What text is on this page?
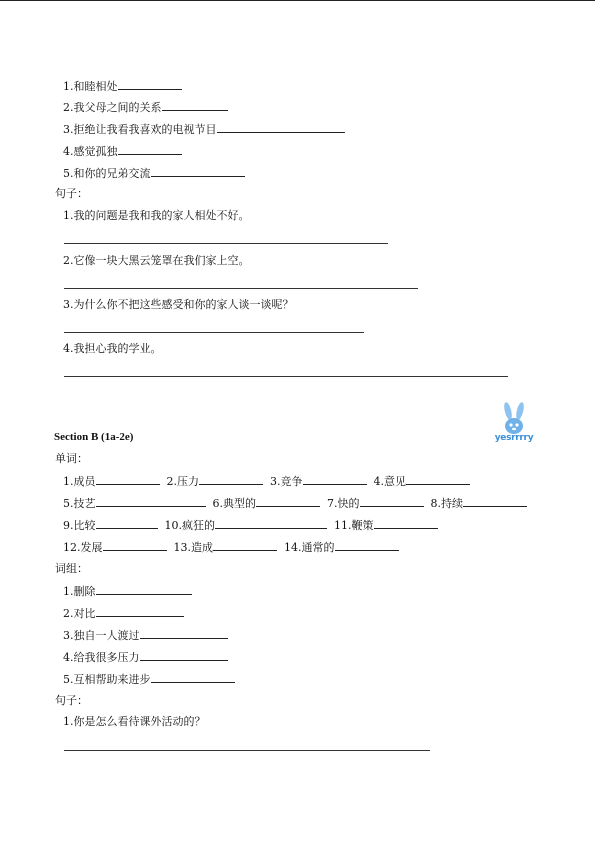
1.和睦相处
2.我父母之间的关系
3.拒绝让我看我喜欢的电视节目
4.感觉孤独
5.和你的兄弟交流
句子：
1.我的问题是我和我的家人相处不好。
2.它像一块大黑云笼罩在我们家上空。
3.为什么你不把这些感受和你的家人谈一谈呢？
4.我担心我的学业。
yesrrrry
Section B (1a-2e)
单词：
1.成员	2.压力	3.竞争	4.意见
5.技艺	6.典型的	7.快的	8.持续
9.比较	10.疯狂的	11.鞭策
12.发展	13.造成	14.通常的
词组：
1.删除
2.对比
3.独自一人渡过
4.给我很多压力
5.互相帮助来进步
句子：
1.你是怎么看待课外活动的？
